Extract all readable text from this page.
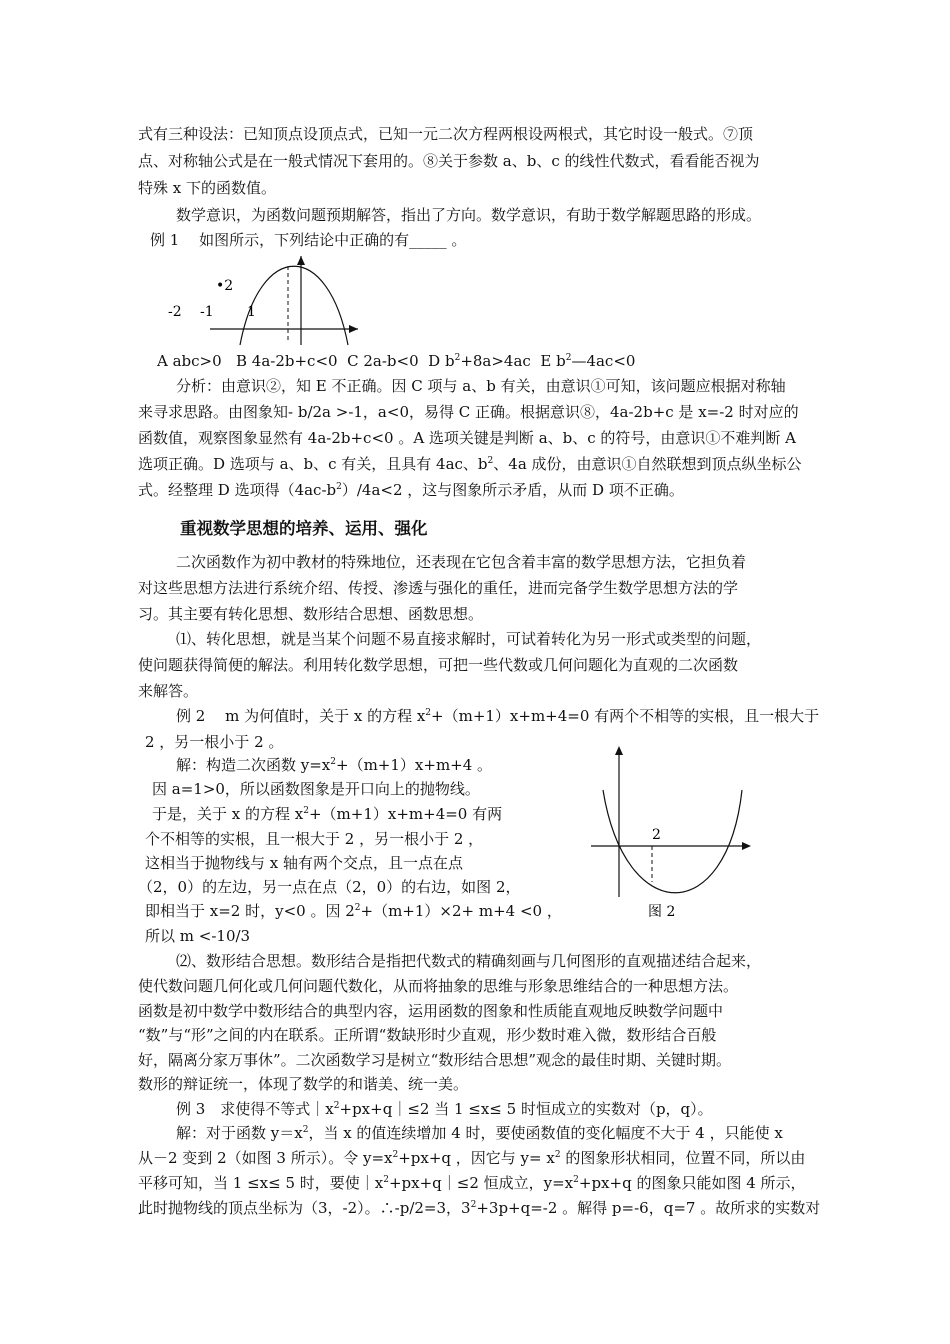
式有三种设法：已知顶点设顶点式，已知一元二次方程两根设两根式，其它时设一般式。⑦顶
点、对称轴公式是在一般式情况下套用的。⑧关于参数 a、b、c 的线性代数式，看看能否视为
特殊 x 下的函数值。
数学意识，为函数问题预期解答，指出了方向。数学意识，有助于数学解题思路的形成。
例 1　 如图所示，下列结论中正确的有_____ 。
•2
-2 -1 1
A abc>0 B 4a-2b+c<0 C 2a-b<0 D $b^2+8a>4ac$ E $b^2—4ac<0$
分析：由意识②，知 E 不正确。因 C 项与 a、b 有关，由意识①可知，该问题应根据对称轴
来寻求思路。由图象知- b/2a >-1，a<0，易得 C 正确。根据意识⑧，4a-2b+c 是 x=-2 时对应的
函数值，观察图象显然有 4a-2b+c<0 。A 选项关键是判断 a、b、c 的符号，由意识①不难判断 A
选项正确。D 选项与 a、b、c 有关，且具有 4ac、$b^2$、4a 成份，由意识①自然联想到顶点纵坐标公
式。经整理 D 选项得$(4ac-b^2)/4a<2$ ，这与图象所示矛盾，从而 D 项不正确。
重视数学思想的培养、运用、强化
二次函数作为初中教材的特殊地位，还表现在它包含着丰富的数学思想方法，它担负着
对这些思想方法进行系统介绍、传授、渗透与强化的重任，进而完备学生数学思想方法的学
习。其主要有转化思想、数形结合思想、函数思想。
⑴、转化思想，就是当某个问题不易直接求解时，可试着转化为另一形式或类型的问题，
使问题获得简便的解法。利用转化数学思想，可把一些代数或几何问题化为直观的二次函数
来解答。
例 2　 m 为何值时，关于 x 的方程 $x^2+(m+1)x+m+4=0$ 有两个不相等的实根，且一根大于
2 ，另一根小于 2 。
解：构造二次函数 $y=x^2+(m+1)x+m+4$ 。
因 a=1>0，所以函数图象是开口向上的抛物线。
于是，关于 x 的方程 $x^2+(m+1)x+m+4=0$ 有两
个不相等的实根，且一根大于 2 ，另一根小于 2 ，
这相当于抛物线与 x 轴有两个交点，且一点在点
（2，0）的左边，另一点在点（2，0）的右边，如图 2，
即相当于 x=2 时，y<0 。因 $2^2+(m+1)\times 2+ m+4 <0$ ，
所以 m <-10/3
2
图 2
⑵、数形结合思想。数形结合是指把代数式的精确刻画与几何图形的直观描述结合起来，
使代数问题几何化或几何问题代数化，从而将抽象的思维与形象思维结合的一种思想方法。
函数是初中数学中数形结合的典型内容，运用函数的图象和性质能直观地反映数学问题中
“数”与“形”之间的内在联系。正所谓“数缺形时少直观，形少数时难入微，数形结合百般
好，隔离分家万事休”。二次函数学习是树立“数形结合思想”观念的最佳时期、关键时期。
数形的辩证统一，体现了数学的和谐美、统一美。
例 3　求使得不等式$|x^2+px+q|\le 2$ 当 1 ≤x≤ 5 时恒成立的实数对（p，q）。
解：对于函数 $y=x^2$，当 x 的值连续增加 4 时，要使函数值的变化幅度不大于 4 ，只能使 x
从－2 变到 2（如图 3 所示）。令 $y=x^2+px+q$ ，因它与 $y= x^2$ 的图象形状相同，位置不同，所以由
平移可知，当 1 ≤x≤ 5 时，要使$|x^2+px+q|\le 2$ 恒成立，$y=x^2+px+q$ 的图象只能如图 4 所示，
此时抛物线的顶点坐标为（3，-2）。∴-p/2=3，$3^2+3p+q=-2$ 。解得 p=-6，q=7 。故所求的实数对
